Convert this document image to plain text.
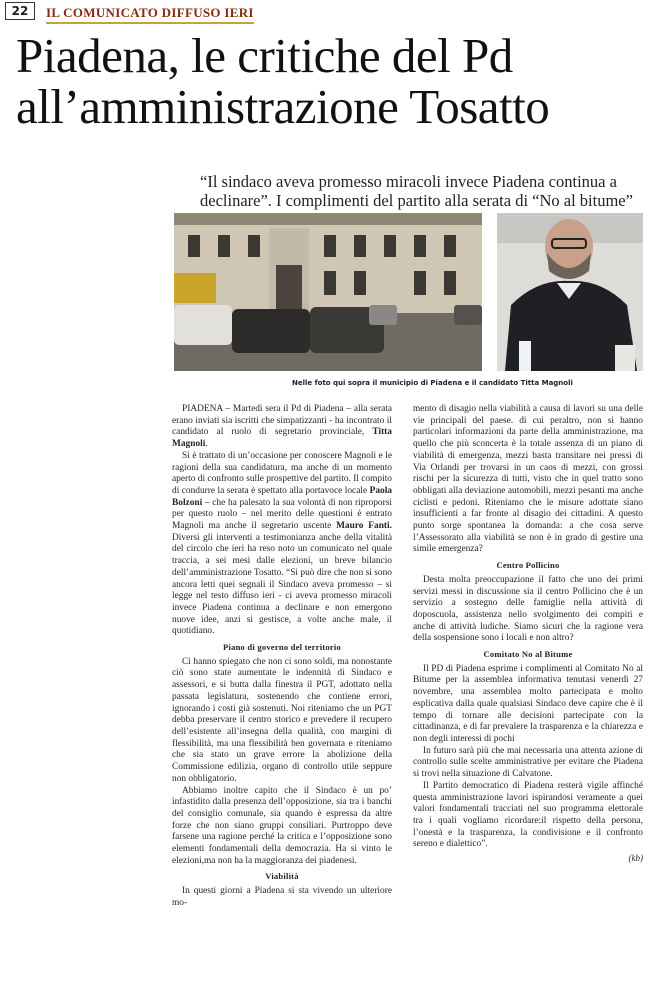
22	IL COMUNICATO DIFFUSO IERI
Piadena, le critiche del Pd all’amministrazione Tosatto

“Il sindaco aveva promesso miracoli invece Piadena continua a declinare”. I complimenti del partito alla serata di “No al bitume”

Nelle foto qui sopra il municipio di Piadena e il candidato Titta Magnoli

PIADENA – Martedì sera il Pd di Piadena – alla serata erano inviati sia iscritti che simpatizzanti - ha incontrato il candidato al ruolo di segretario provinciale, Titta Magnoli.

Si è trattato di un’occasione per conoscere Magnoli e le ragioni della sua candidatura, ma anche di un momento aperto di confronto sulle prospettive del partito. Il compito di condurre la serata è spettato alla portavoce locale Paola Bolzoni – che ha palesato la sua volontà di non riproporsi per questo ruolo – nel merito delle questioni è entrato Magnoli ma anche il segretario uscente Mauro Fanti. Diversi gli interventi a testimonianza anche della vitalità del circolo che ieri ha reso noto un comunicato nel quale traccia, a sei mesi dalle elezioni, un breve bilancio dell’amministrazione Tosatto. “Si può dire che non si sono ancora letti quei segnali il Sindaco aveva promesso – si legge nel testo diffuso ieri - ci aveva promesso miracoli invece Piadena continua a declinare e non emergono nuove idee, anzi si gestisce, a volte anche male, il quotidiano.

Piano di governo del territorio

Ci hanno spiegato che non ci sono soldi, ma nonostante ciò sono state aumentate le indennità di Sindaco e assessori, e si butta dalla finestra il PGT, adottato nella passata legislatura, sostenendo che contiene errori, ignorando i costi già sostenuti. Noi riteniamo che un PGT debba preservare il centro storico e prevedere il recupero dell’esistente all’insegna della qualità, con margini di flessibilità, ma una flessibilità ben governata e riteniamo che sia stato un grave errore la abolizione della Commissione edilizia, organo di controllo utile seppure non obbligatorio.

Abbiamo inoltre capito che il Sindaco è un po’ infastidito dalla presenza dell’opposizione, sia tra i banchi del consiglio comunale, sia quando è espressa da altre forze che non siano gruppi consiliari. Purtroppo deve farsene una ragione perché la critica e l’opposizione sono elementi fondamentali della democrazia. Ha sì vinto le elezioni,ma non ha la maggioranza dei piadenesi.

Viabilità

In questi giorni a Piadena si sta vivendo un ulteriore mo-

mento di disagio nella viabilità a causa di lavori su una delle vie principali del paese. di cui peraltro, non si hanno particolari informazioni da parte della amministrazione, ma quello che più sconcerta è la totale assenza di un piano di viabilità di emergenza, mezzi basta transitare nei pressi di Via Orlandi per trovarsi in un caos di mezzi, con grossi rischi per la sicurezza di tutti, visto che in quel tratto sono obbligati alla deviazione automobili, mezzi pesanti ma anche ciclisti e pedoni. Riteniamo che le misure adottate siano insufficienti a far fronte al disagio dei cittadini. A questo punto sorge spontanea la domanda: a che cosa serve l’Assessorato alla viabilità se non è in grado di gestire una simile emergenza?

Centro Pollicino

Desta molta preoccupazione il fatto che uno dei primi servizi messi in discussione sia il centro Pollicino che è un servizio a sostegno delle famiglie nella attività di doposcuola, assistenza nello svolgimento dei compiti e anche di attività ludiche. Siamo sicuri che la ragione vera della sospensione sono i locali e non altro?

Comitato No al Bitume

Il PD di Piadena esprime i complimenti al Comitato No al Bitume per la assemblea informativa tenutasi venerdì 27 novembre, una assemblea molto partecipata e molto esplicativa dalla quale qualsiasi Sindaco deve capire che è il tempo di tornare alle decisioni partecipate con la cittadinanza, e di far prevalere la trasparenza e la chiarezza e non degli interessi di pochi

In futuro sarà più che mai necessaria una attenta azione di controllo sulle scelte amministrative per evitare che Piadena si trovi nella situazione di Calvatone.

Il Partito democratico di Piadena resterà vigile affinché questa amministrazione lavori ispirandosi veramente a quei valori fondamentali tracciati nel suo programma elettorale tra i quali vogliamo ricordare:il rispetto della persona, l’onestà e la trasparenza, la condivisione e il confronto sereno e dialettico”.

(kb)
